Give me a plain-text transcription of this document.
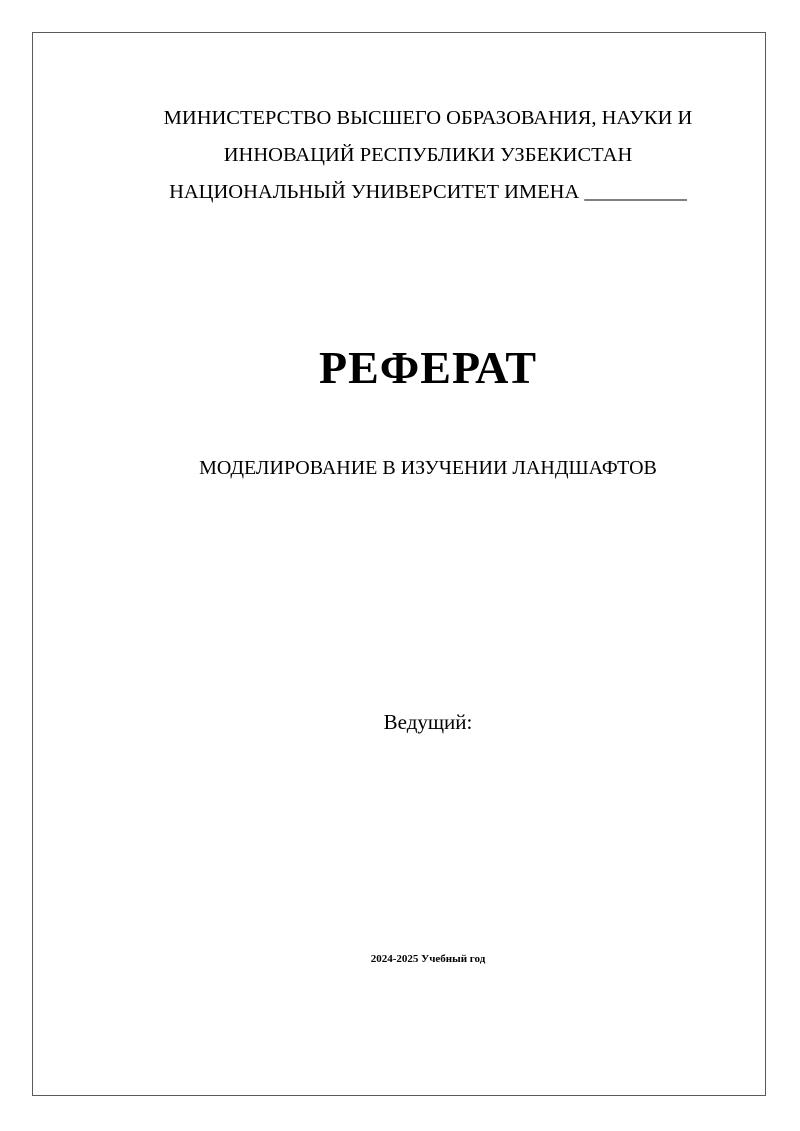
МИНИСТЕРСТВО ВЫСШЕГО ОБРАЗОВАНИЯ, НАУКИ И
ИННОВАЦИЙ РЕСПУБЛИКИ УЗБЕКИСТАН
НАЦИОНАЛЬНЫЙ УНИВЕРСИТЕТ ИМЕНА __________
РЕФЕРАТ
МОДЕЛИРОВАНИЕ В ИЗУЧЕНИИ ЛАНДШАФТОВ
Ведущий:
2024-2025 Учебный год
